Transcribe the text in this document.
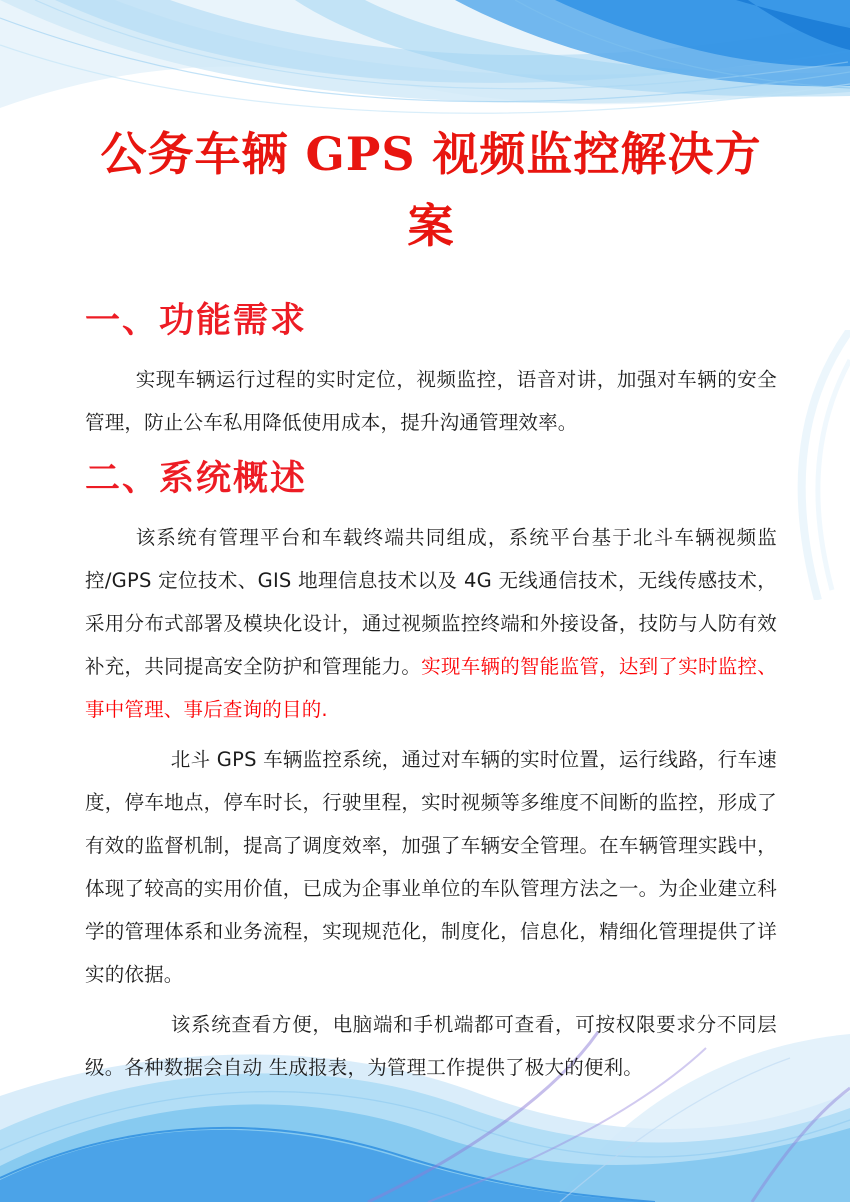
公务车辆 GPS 视频监控解决方
案
一、功能需求

实现车辆运行过程的实时定位，视频监控，语音对讲，加强对车辆的安全管理，防止公车私用降低使用成本，提升沟通管理效率。

二、系统概述

该系统有管理平台和车载终端共同组成，系统平台基于北斗车辆视频监控/GPS 定位技术、GIS 地理信息技术以及 4G 无线通信技术，无线传感技术，采用分布式部署及模块化设计，通过视频监控终端和外接设备，技防与人防有效补充，共同提高安全防护和管理能力。实现车辆的智能监管，达到了实时监控、事中管理、事后查询的目的.

北斗 GPS 车辆监控系统，通过对车辆的实时位置，运行线路，行车速度，停车地点，停车时长，行驶里程，实时视频等多维度不间断的监控，形成了有效的监督机制，提高了调度效率，加强了车辆安全管理。在车辆管理实践中，体现了较高的实用价值，已成为企事业单位的车队管理方法之一。为企业建立科学的管理体系和业务流程，实现规范化，制度化，信息化，精细化管理提供了详实的依据。

该系统查看方便，电脑端和手机端都可查看，可按权限要求分不同层级。各种数据会自动 生成报表，为管理工作提供了极大的便利。
